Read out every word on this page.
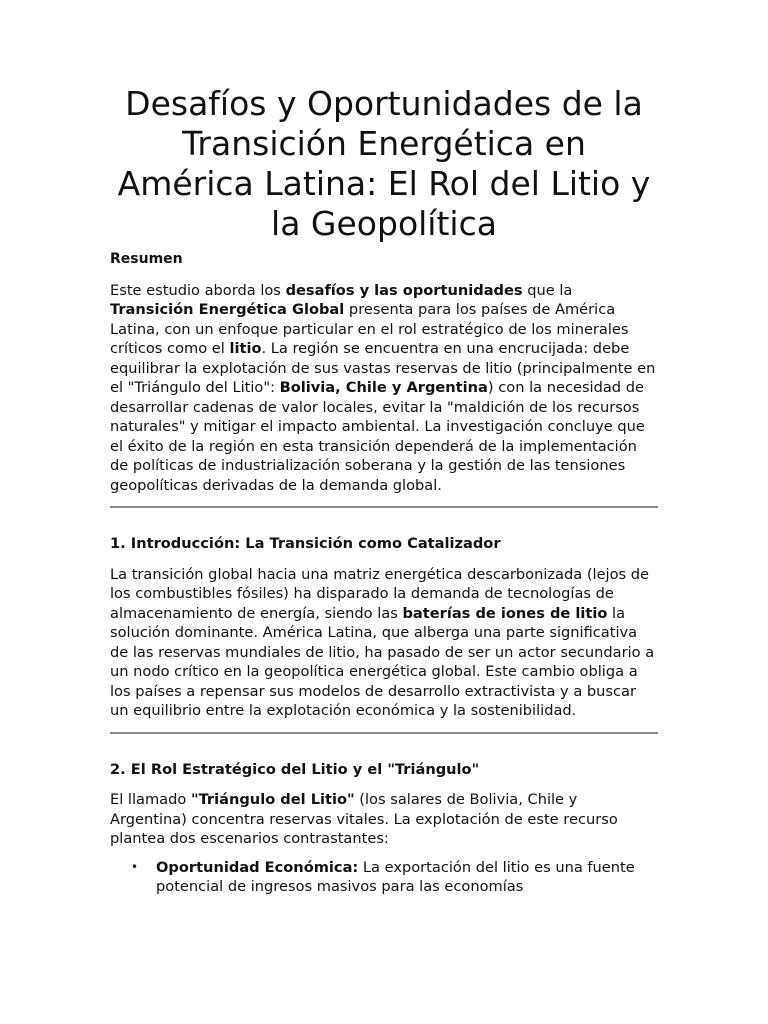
Desafíos y Oportunidades de la Transición Energética en América Latina: El Rol del Litio y la Geopolítica
Resumen

Este estudio aborda los desafíos y las oportunidades que la Transición Energética Global presenta para los países de América Latina, con un enfoque particular en el rol estratégico de los minerales críticos como el litio. La región se encuentra en una encrucijada: debe equilibrar la explotación de sus vastas reservas de litio (principalmente en el "Triángulo del Litio": Bolivia, Chile y Argentina) con la necesidad de desarrollar cadenas de valor locales, evitar la "maldición de los recursos naturales" y mitigar el impacto ambiental. La investigación concluye que el éxito de la región en esta transición dependerá de la implementación de políticas de industrialización soberana y la gestión de las tensiones geopolíticas derivadas de la demanda global.

1. Introducción: La Transición como Catalizador

La transición global hacia una matriz energética descarbonizada (lejos de los combustibles fósiles) ha disparado la demanda de tecnologías de almacenamiento de energía, siendo las baterías de iones de litio la solución dominante. América Latina, que alberga una parte significativa de las reservas mundiales de litio, ha pasado de ser un actor secundario a un nodo crítico en la geopolítica energética global. Este cambio obliga a los países a repensar sus modelos de desarrollo extractivista y a buscar un equilibrio entre la explotación económica y la sostenibilidad.

2. El Rol Estratégico del Litio y el "Triángulo"

El llamado "Triángulo del Litio" (los salares de Bolivia, Chile y Argentina) concentra reservas vitales. La explotación de este recurso plantea dos escenarios contrastantes:

• Oportunidad Económica: La exportación del litio es una fuente potencial de ingresos masivos para las economías
